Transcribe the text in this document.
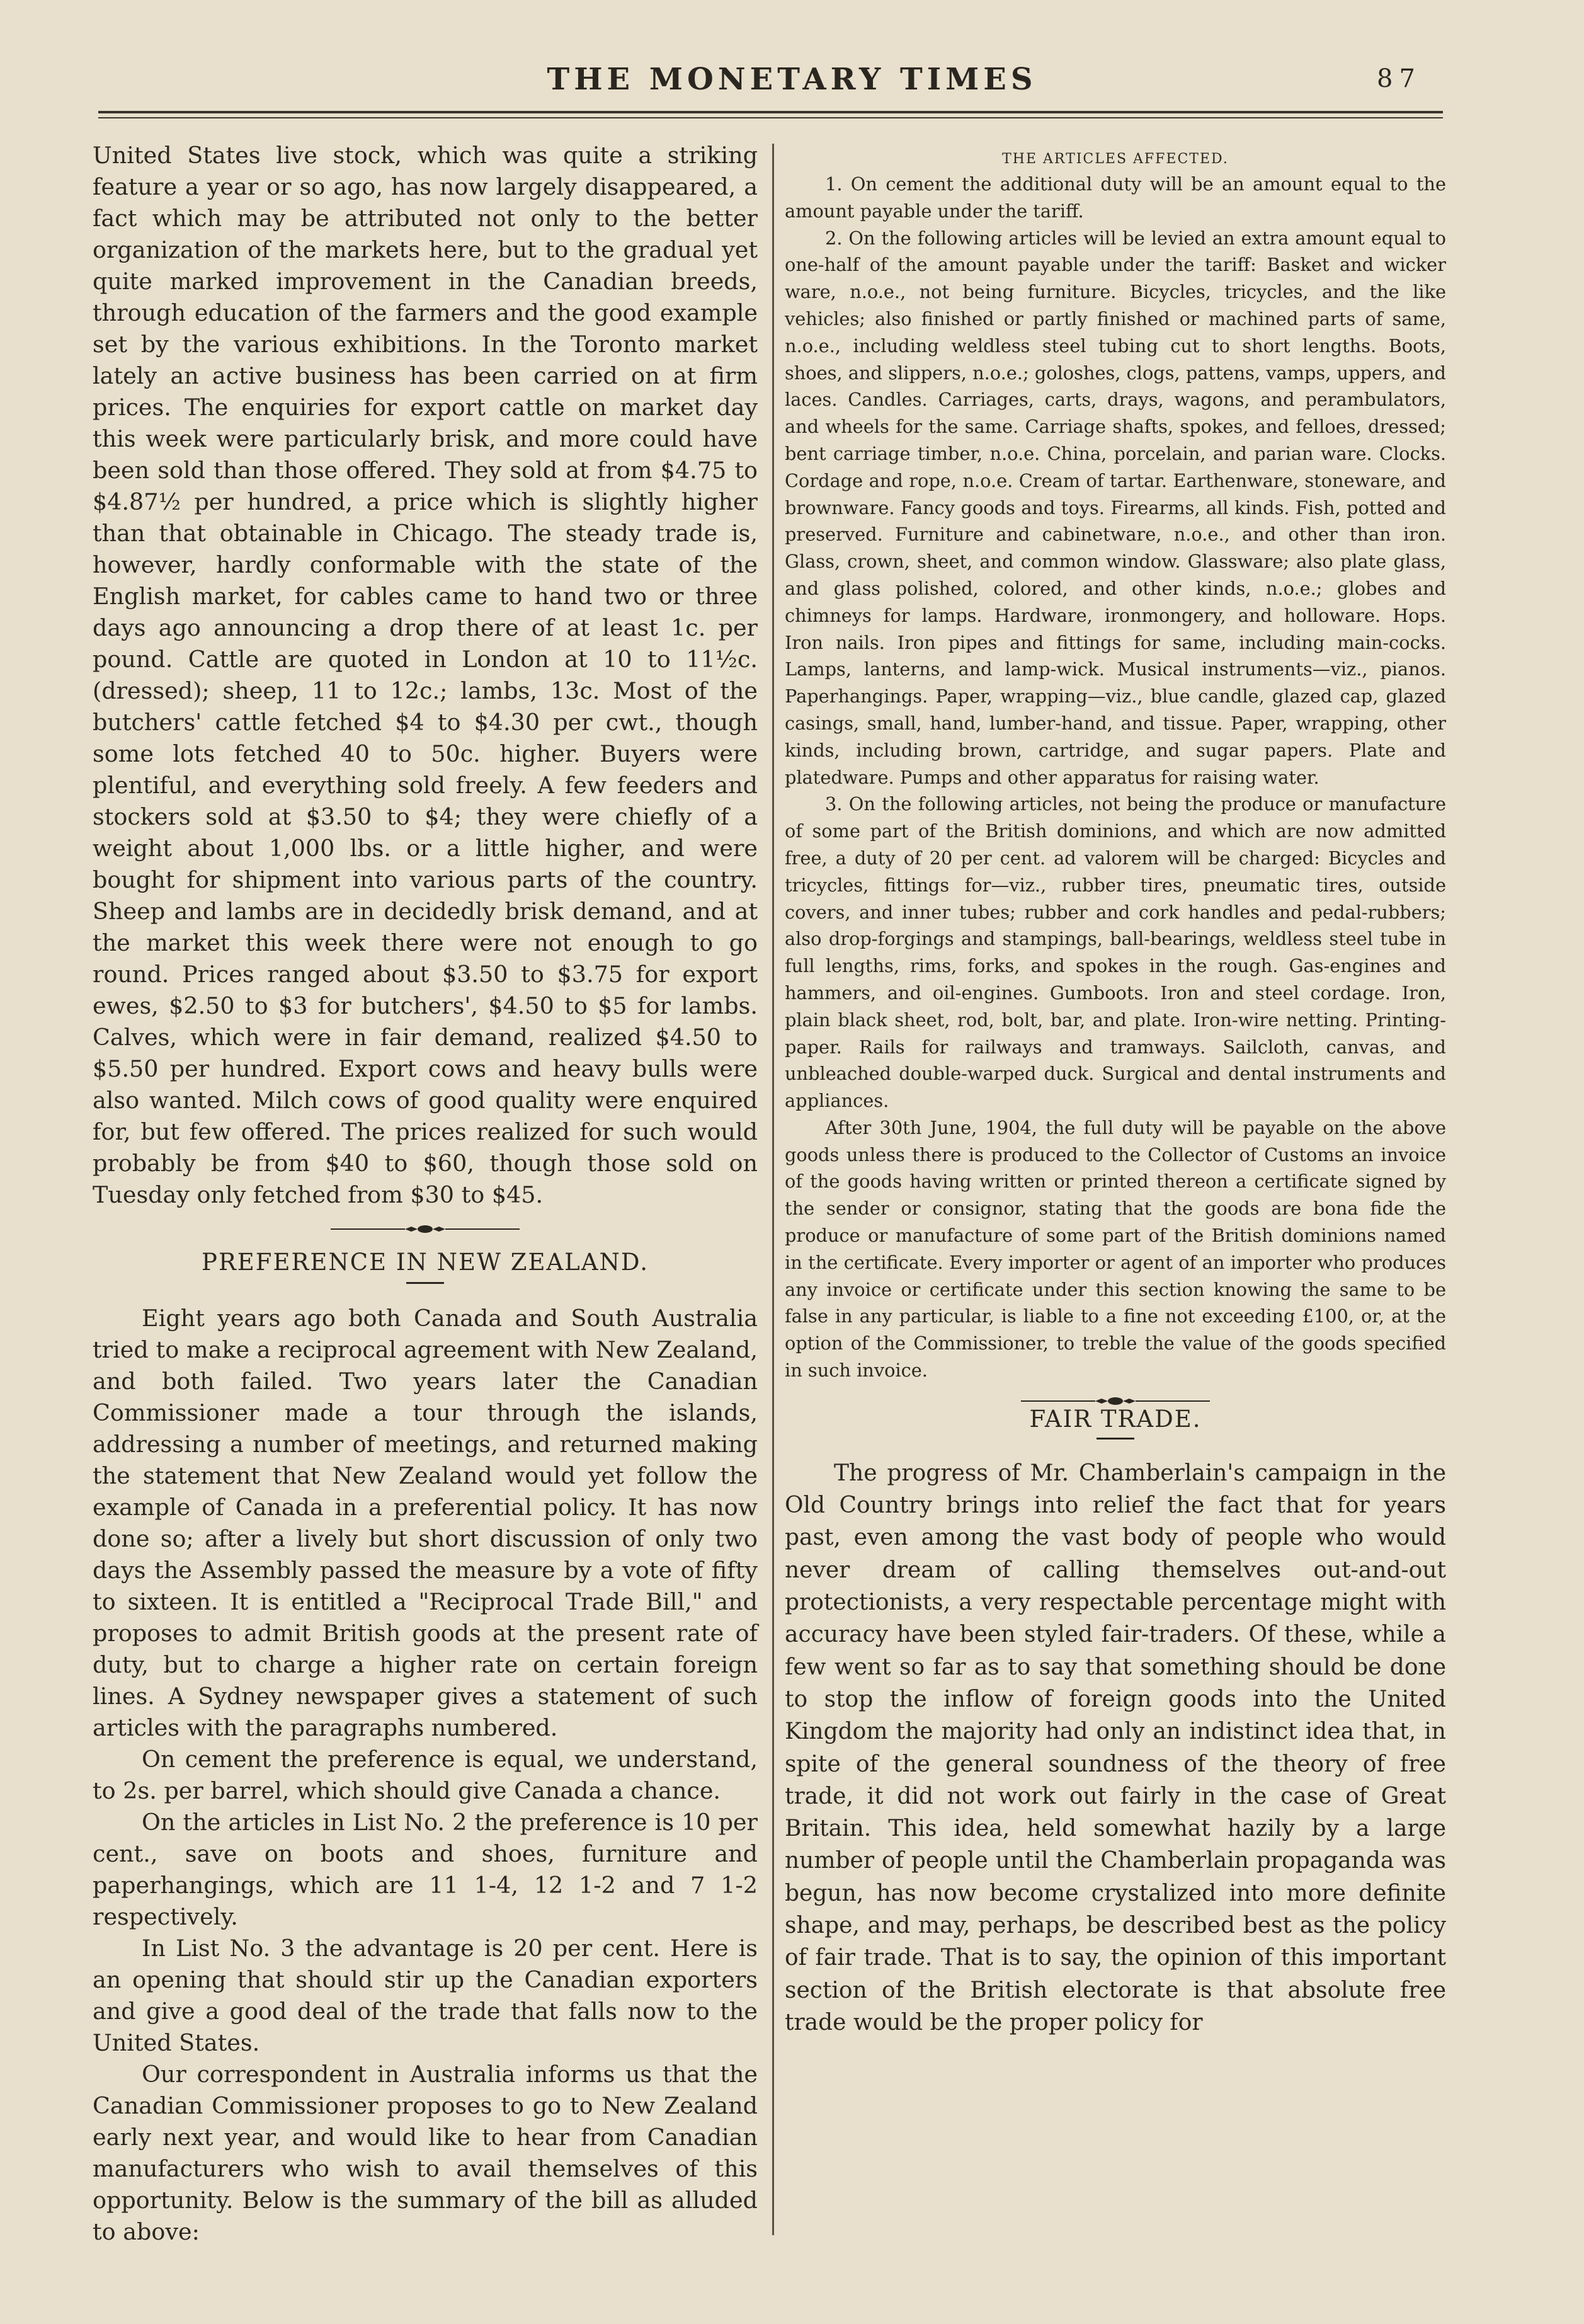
THE MONETARY TIMES	87

United States live stock, which was quite a striking feature a year or so ago, has now largely disappeared, a fact which may be attributed not only to the better organization of the markets here, but to the gradual yet quite marked improvement in the Canadian breeds, through education of the farmers and the good example set by the various exhibitions. In the Toronto market lately an active business has been carried on at firm prices. The enquiries for export cattle on market day this week were particularly brisk, and more could have been sold than those offered. They sold at from $4.75 to $4.87½ per hundred, a price which is slightly higher than that obtainable in Chicago. The steady trade is, however, hardly conformable with the state of the English market, for cables came to hand two or three days ago announcing a drop there of at least 1c. per pound. Cattle are quoted in London at 10 to 11½c. (dressed); sheep, 11 to 12c.; lambs, 13c. Most of the butchers' cattle fetched $4 to $4.30 per cwt., though some lots fetched 40 to 50c. higher. Buyers were plentiful, and everything sold freely. A few feeders and stockers sold at $3.50 to $4; they were chiefly of a weight about 1,000 lbs. or a little higher, and were bought for shipment into various parts of the country. Sheep and lambs are in decidedly brisk demand, and at the market this week there were not enough to go round. Prices ranged about $3.50 to $3.75 for export ewes, $2.50 to $3 for butchers', $4.50 to $5 for lambs. Calves, which were in fair demand, realized $4.50 to $5.50 per hundred. Export cows and heavy bulls were also wanted. Milch cows of good quality were enquired for, but few offered. The prices realized for such would probably be from $40 to $60, though those sold on Tuesday only fetched from $30 to $45.

PREFERENCE IN NEW ZEALAND.

Eight years ago both Canada and South Australia tried to make a reciprocal agreement with New Zealand, and both failed. Two years later the Canadian Commissioner made a tour through the islands, addressing a number of meetings, and returned making the statement that New Zealand would yet follow the example of Canada in a preferential policy. It has now done so; after a lively but short discussion of only two days the Assembly passed the measure by a vote of fifty to sixteen. It is entitled a "Reciprocal Trade Bill," and proposes to admit British goods at the present rate of duty, but to charge a higher rate on certain foreign lines. A Sydney newspaper gives a statement of such articles with the paragraphs numbered.

On cement the preference is equal, we understand, to 2s. per barrel, which should give Canada a chance.

On the articles in List No. 2 the preference is 10 per cent., save on boots and shoes, furniture and paperhangings, which are 11 1-4, 12 1-2 and 7 1-2 respectively.

In List No. 3 the advantage is 20 per cent. Here is an opening that should stir up the Canadian exporters and give a good deal of the trade that falls now to the United States.

Our correspondent in Australia informs us that the Canadian Commissioner proposes to go to New Zealand early next year, and would like to hear from Canadian manufacturers who wish to avail themselves of this opportunity. Below is the summary of the bill as alluded to above:

THE ARTICLES AFFECTED.

1. On cement the additional duty will be an amount equal to the amount payable under the tariff.

2. On the following articles will be levied an extra amount equal to one-half of the amount payable under the tariff: Basket and wicker ware, n.o.e., not being furniture. Bicycles, tricycles, and the like vehicles; also finished or partly finished or machined parts of same, n.o.e., including weldless steel tubing cut to short lengths. Boots, shoes, and slippers, n.o.e.; goloshes, clogs, pattens, vamps, uppers, and laces. Candles. Carriages, carts, drays, wagons, and perambulators, and wheels for the same. Carriage shafts, spokes, and felloes, dressed; bent carriage timber, n.o.e. China, porcelain, and parian ware. Clocks. Cordage and rope, n.o.e. Cream of tartar. Earthenware, stoneware, and brownware. Fancy goods and toys. Firearms, all kinds. Fish, potted and preserved. Furniture and cabinetware, n.o.e., and other than iron. Glass, crown, sheet, and common window. Glassware; also plate glass, and glass polished, colored, and other kinds, n.o.e.; globes and chimneys for lamps. Hardware, ironmongery, and holloware. Hops. Iron nails. Iron pipes and fittings for same, including main-cocks. Lamps, lanterns, and lamp-wick. Musical instruments—viz., pianos. Paperhangings. Paper, wrapping—viz., blue candle, glazed cap, glazed casings, small, hand, lumber-hand, and tissue. Paper, wrapping, other kinds, including brown, cartridge, and sugar papers. Plate and platedware. Pumps and other apparatus for raising water.

3. On the following articles, not being the produce or manufacture of some part of the British dominions, and which are now admitted free, a duty of 20 per cent. ad valorem will be charged: Bicycles and tricycles, fittings for—viz., rubber tires, pneumatic tires, outside covers, and inner tubes; rubber and cork handles and pedal-rubbers; also drop-forgings and stampings, ball-bearings, weldless steel tube in full lengths, rims, forks, and spokes in the rough. Gas-engines and hammers, and oil-engines. Gumboots. Iron and steel cordage. Iron, plain black sheet, rod, bolt, bar, and plate. Iron-wire netting. Printing-paper. Rails for railways and tramways. Sailcloth, canvas, and unbleached double-warped duck. Surgical and dental instruments and appliances.

After 30th June, 1904, the full duty will be payable on the above goods unless there is produced to the Collector of Customs an invoice of the goods having written or printed thereon a certificate signed by the sender or consignor, stating that the goods are bona fide the produce or manufacture of some part of the British dominions named in the certificate. Every importer or agent of an importer who produces any invoice or certificate under this section knowing the same to be false in any particular, is liable to a fine not exceeding £100, or, at the option of the Commissioner, to treble the value of the goods specified in such invoice.

FAIR TRADE.

The progress of Mr. Chamberlain's campaign in the Old Country brings into relief the fact that for years past, even among the vast body of people who would never dream of calling themselves out-and-out protectionists, a very respectable percentage might with accuracy have been styled fair-traders. Of these, while a few went so far as to say that something should be done to stop the inflow of foreign goods into the United Kingdom the majority had only an indistinct idea that, in spite of the general soundness of the theory of free trade, it did not work out fairly in the case of Great Britain. This idea, held somewhat hazily by a large number of people until the Chamberlain propaganda was begun, has now become crystalized into more definite shape, and may, perhaps, be described best as the policy of fair trade. That is to say, the opinion of this important section of the British electorate is that absolute free trade would be the proper policy for
